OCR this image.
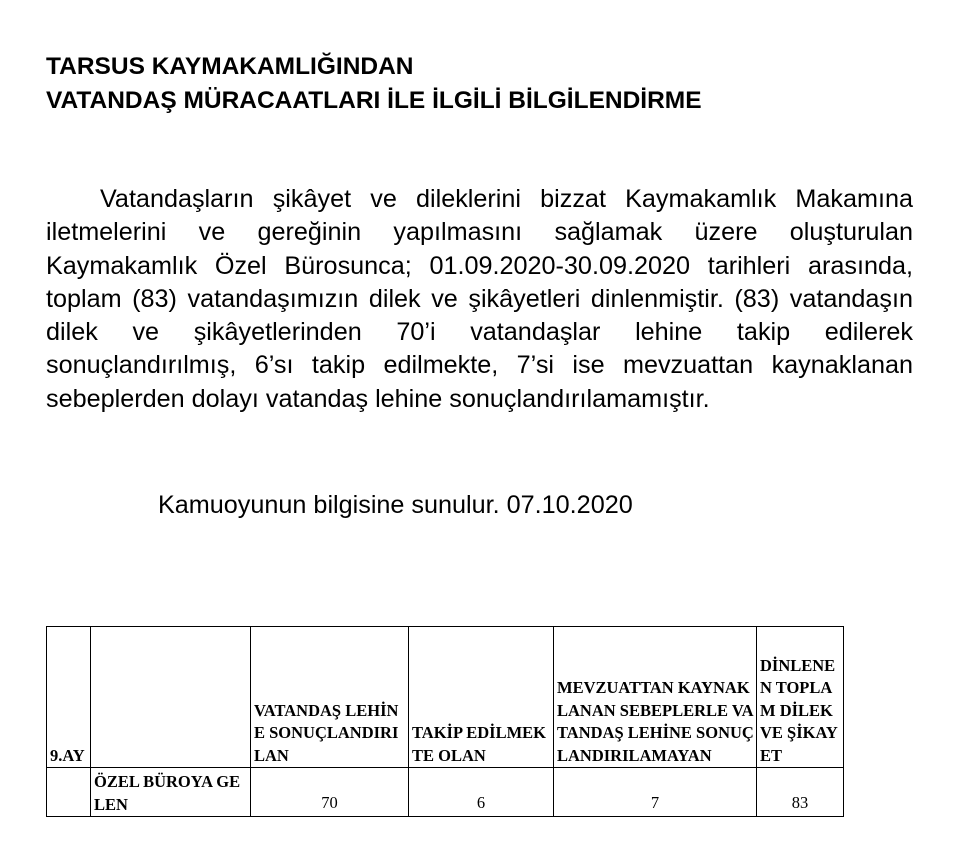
TARSUS KAYMAKAMLIĞINDAN
VATANDAŞ MÜRACAATLARI İLE İLGİLİ BİLGİLENDİRME

Vatandaşların şikâyet ve dileklerini bizzat Kaymakamlık Makamına iletmelerini ve gereğinin yapılmasını sağlamak üzere oluşturulan Kaymakamlık Özel Bürosunca; 01.09.2020-30.09.2020 tarihleri arasında, toplam (83) vatandaşımızın dilek ve şikâyetleri dinlenmiştir. (83) vatandaşın dilek ve şikâyetlerinden 70’i vatandaşlar lehine takip edilerek sonuçlandırılmış, 6’sı takip edilmekte, 7’si ise mevzuattan kaynaklanan sebeplerden dolayı vatandaş lehine sonuçlandırılamamıştır.

Kamuoyunun bilgisine sunulur. 07.10.2020

9.AY		VATANDAŞ LEHİNE SONUÇLANDIRILAN	TAKİP EDİLMEKTE OLAN	MEVZUATTAN KAYNAKLANAN SEBEPLERLE VATANDAŞ LEHİNE SONUÇLANDIRILAMAYAN	DİNLENEN TOPLAM DİLEK VE ŞİKAYET
	ÖZEL BÜROYA GELEN	70	6	7	83
